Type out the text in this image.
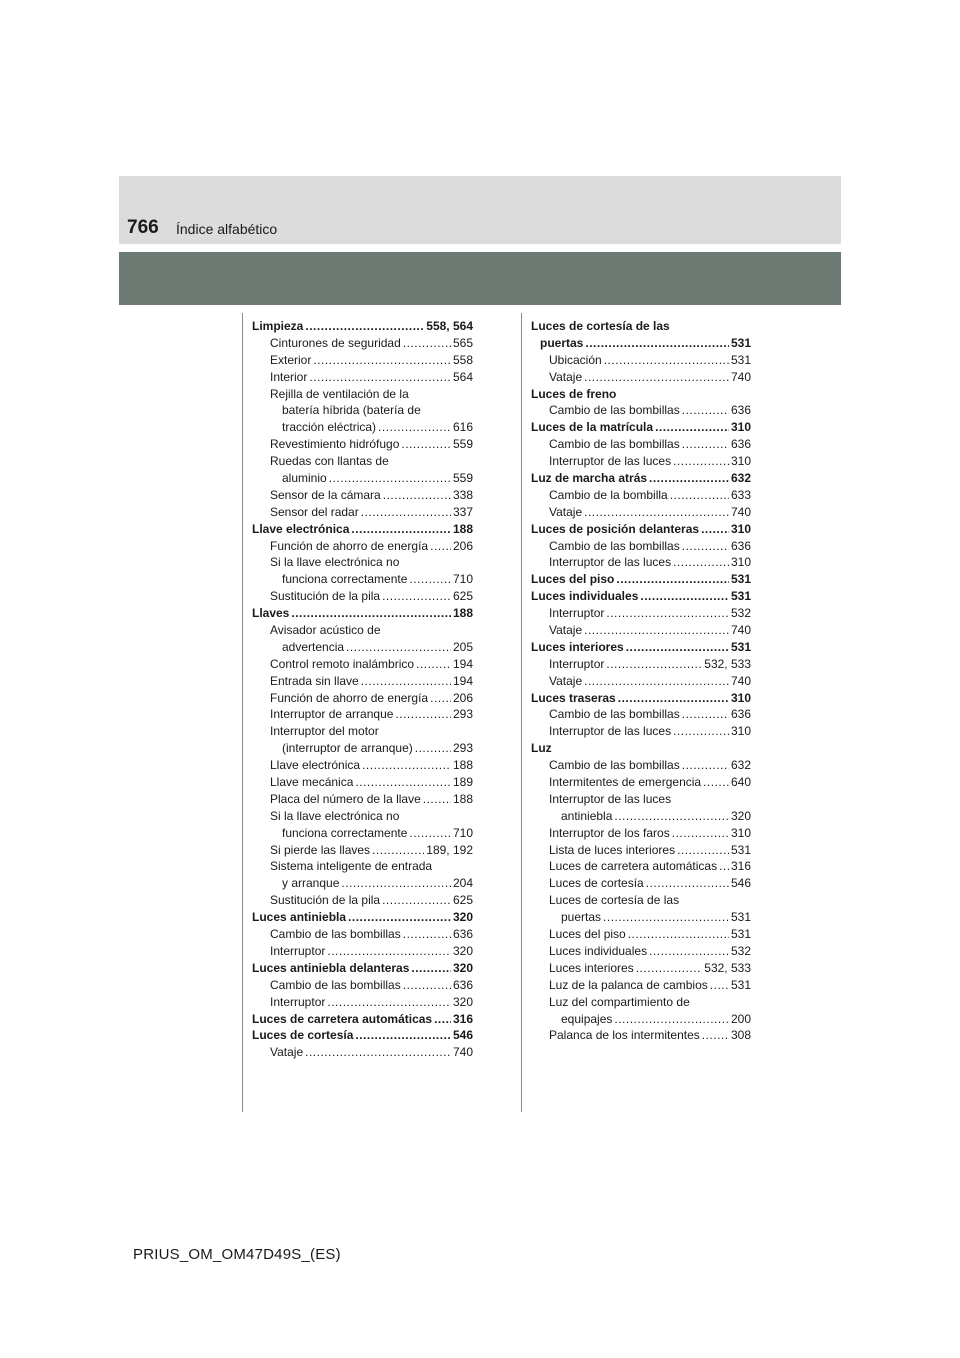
766 Índice alfabético
Limpieza .....	558, 564
Cinturones de seguridad .....	565
Exterior .....	558
Interior .....	564
Rejilla de ventilación de la
batería híbrida (batería de
tracción eléctrica) .....	616
Revestimiento hidrófugo .....	559
Ruedas con llantas de
aluminio .....	559
Sensor de la cámara .....	338
Sensor del radar .....	337
Llave electrónica .....	188
Función de ahorro de energía ..... 206
Si la llave electrónica no
funciona correctamente .....	710
Sustitución de la pila .....	625
Llaves .....	188
Avisador acústico de
advertencia .....	205
Control remoto inalámbrico .....	194
Entrada sin llave .....	194
Función de ahorro de energía ..... 206
Interruptor de arranque .....	293
Interruptor del motor
(interruptor de arranque) .....	293
Llave electrónica .....	188
Llave mecánica .....	189
Placa del número de la llave .....	188
Si la llave electrónica no
funciona correctamente .....	710
Si pierde las llaves .....	189, 192
Sistema inteligente de entrada
y arranque .....	204
Sustitución de la pila .....	625
Luces antiniebla .....	320
Cambio de las bombillas .....	636
Interruptor .....	320
Luces antiniebla delanteras .....	320
Cambio de las bombillas .....	636
Interruptor .....	320
Luces de carretera automáticas ..... 316
Luces de cortesía .....	546
Vataje .....	740
Luces de cortesía de las
puertas .....	531
Ubicación .....	531
Vataje .....	740
Luces de freno
Cambio de las bombillas .....	636
Luces de la matrícula .....	310
Cambio de las bombillas .....	636
Interruptor de las luces .....	310
Luz de marcha atrás .....	632
Cambio de la bombilla .....	633
Vataje .....	740
Luces de posición delanteras .....	310
Cambio de las bombillas .....	636
Interruptor de las luces .....	310
Luces del piso .....	531
Luces individuales .....	531
Interruptor .....	532
Vataje .....	740
Luces interiores .....	531
Interruptor .....	532, 533
Vataje .....	740
Luces traseras .....	310
Cambio de las bombillas .....	636
Interruptor de las luces .....	310
Luz
Cambio de las bombillas .....	632
Intermitentes de emergencia ..... 640
Interruptor de las luces
antiniebla .....	320
Interruptor de los faros .....	310
Lista de luces interiores .....	531
Luces de carretera automáticas ..... 316
Luces de cortesía .....	546
Luces de cortesía de las
puertas .....	531
Luces del piso .....	531
Luces individuales .....	532
Luces interiores .....	532, 533
Luz de la palanca de cambios ..... 531
Luz del compartimiento de
equipajes .....	200
Palanca de los intermitentes .....	308
PRIUS_OM_OM47D49S_(ES)
